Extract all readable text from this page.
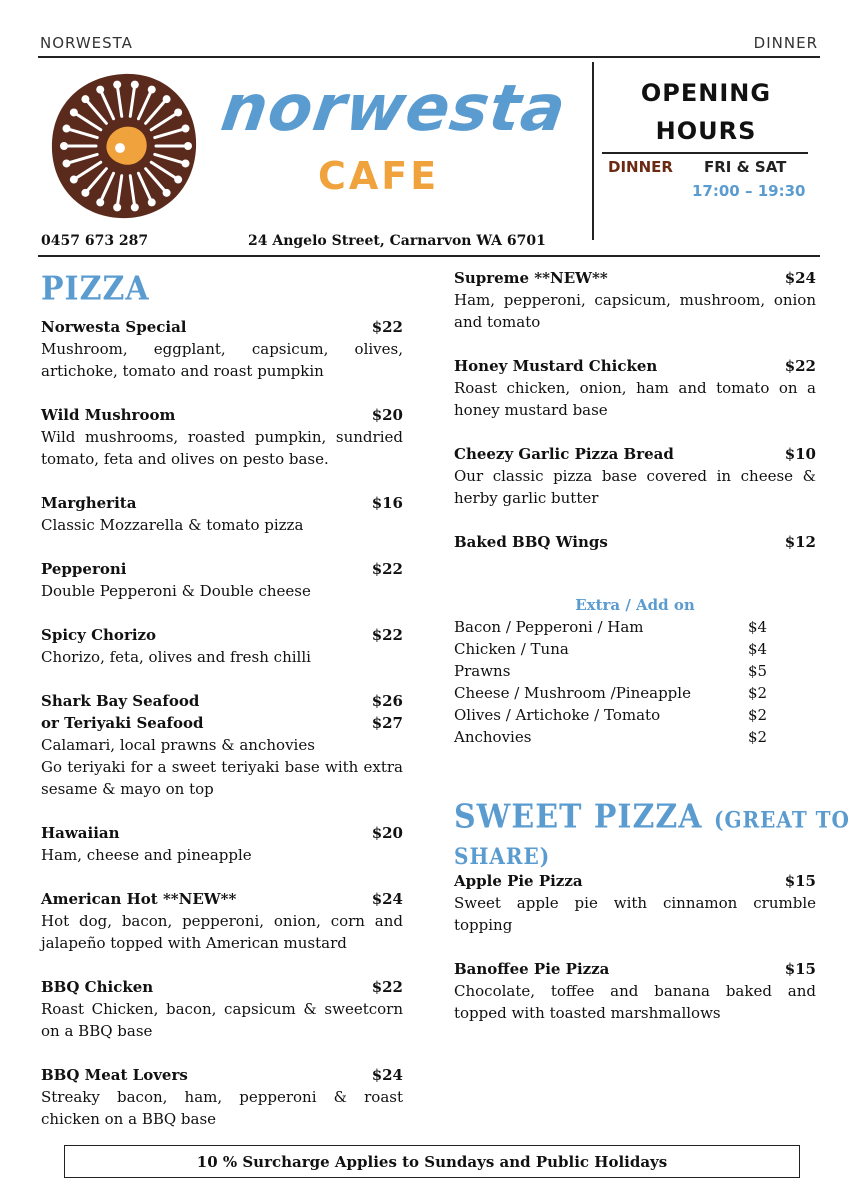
NORWESTA	DINNER
norwesta
CAFE
OPENING
HOURS
DINNER FRI & SAT
17:00 – 19:30
0457 673 287	24 Angelo Street, Carnarvon WA 6701
PIZZA
Norwesta Special	$22
Mushroom, eggplant, capsicum, olives, artichoke, tomato and roast pumpkin
Wild Mushroom	$20
Wild mushrooms, roasted pumpkin, sundried tomato, feta and olives on pesto base.
Margherita	$16
Classic Mozzarella & tomato pizza
Pepperoni	$22
Double Pepperoni & Double cheese
Spicy Chorizo	$22
Chorizo, feta, olives and fresh chilli
Shark Bay Seafood	$26
or Teriyaki Seafood	$27
Calamari, local prawns & anchovies
Go teriyaki for a sweet teriyaki base with extra sesame & mayo on top
Hawaiian	$20
Ham, cheese and pineapple
American Hot **NEW**	$24
Hot dog, bacon, pepperoni, onion, corn and jalapeño topped with American mustard
BBQ Chicken	$22
Roast Chicken, bacon, capsicum & sweetcorn on a BBQ base
BBQ Meat Lovers	$24
Streaky bacon, ham, pepperoni & roast chicken on a BBQ base
Supreme **NEW**	$24
Ham, pepperoni, capsicum, mushroom, onion and tomato
Honey Mustard Chicken	$22
Roast chicken, onion, ham and tomato on a honey mustard base
Cheezy Garlic Pizza Bread	$10
Our classic pizza base covered in cheese & herby garlic butter
Baked BBQ Wings	$12
Extra / Add on
Bacon / Pepperoni / Ham	$4
Chicken / Tuna	$4
Prawns	$5
Cheese / Mushroom /Pineapple	$2
Olives / Artichoke / Tomato	$2
Anchovies	$2
SWEET PIZZA (GREAT TO
SHARE)
Apple Pie Pizza	$15
Sweet apple pie with cinnamon crumble topping
Banoffee Pie Pizza	$15
Chocolate, toffee and banana baked and topped with toasted marshmallows
10 % Surcharge Applies to Sundays and Public Holidays
